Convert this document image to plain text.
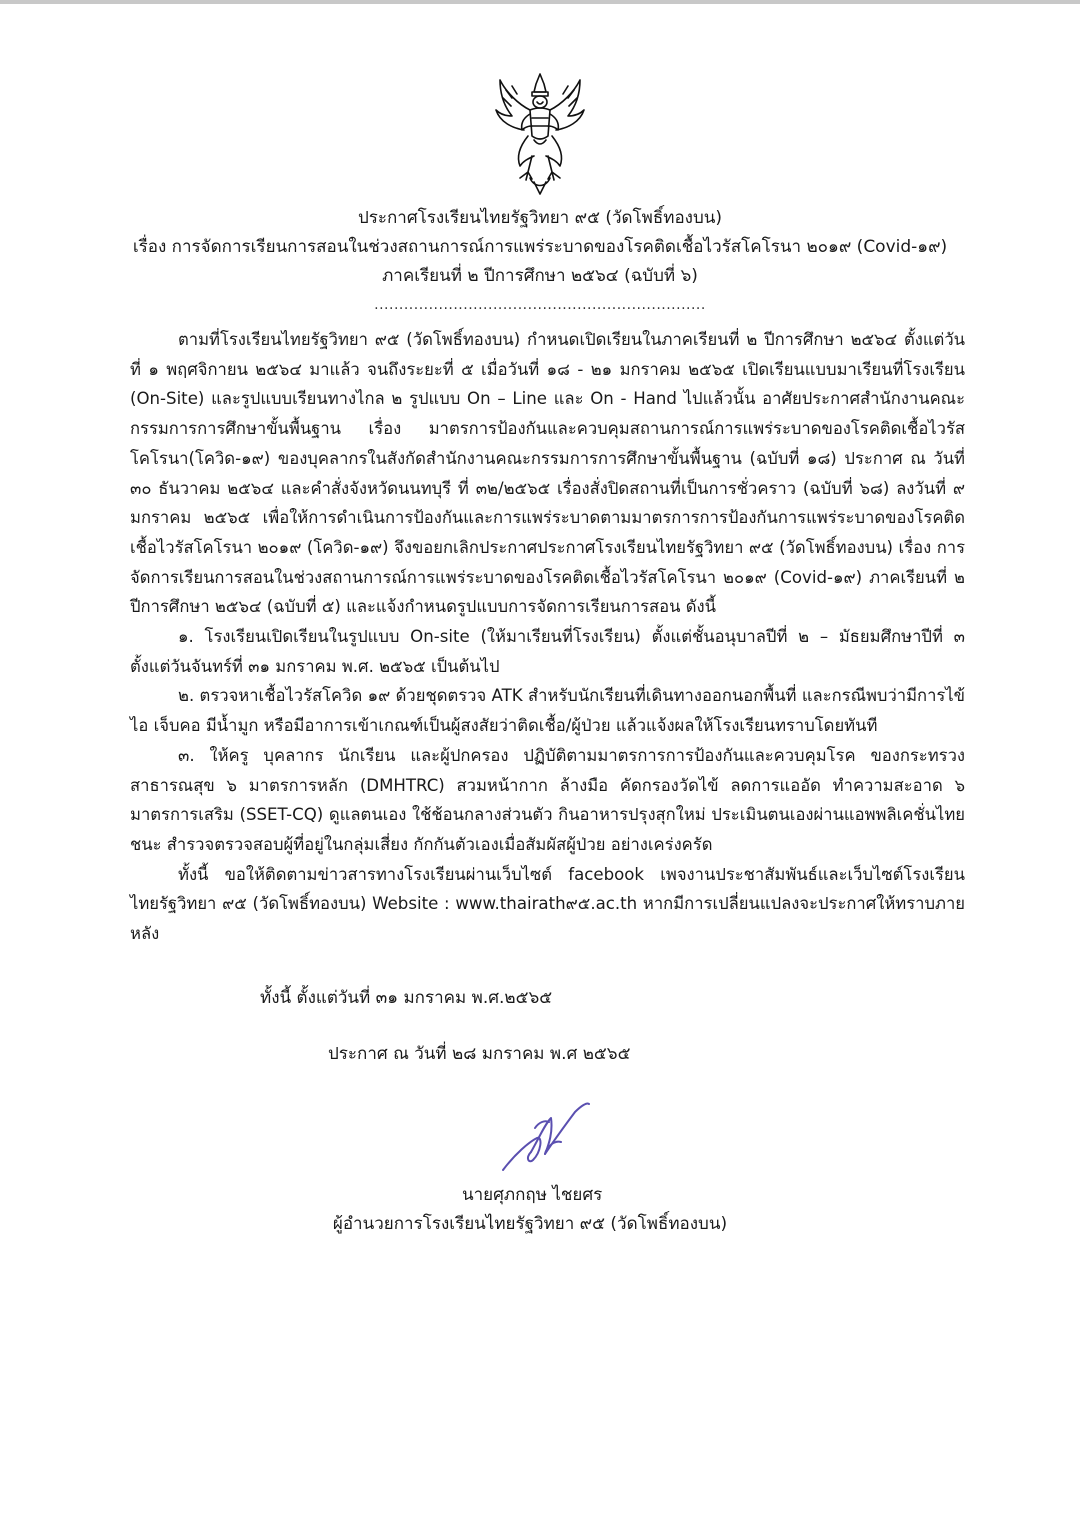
ประกาศโรงเรียนไทยรัฐวิทยา ๙๕ (วัดโพธิ์ทองบน)
เรื่อง การจัดการเรียนการสอนในช่วงสถานการณ์การแพร่ระบาดของโรคติดเชื้อไวรัสโคโรนา ๒๐๑๙ (Covid-๑๙)
ภาคเรียนที่ ๒ ปีการศึกษา ๒๕๖๔ (ฉบับที่ ๖)
...................................................................

ตามที่โรงเรียนไทยรัฐวิทยา ๙๕ (วัดโพธิ์ทองบน) กำหนดเปิดเรียนในภาคเรียนที่ ๒ ปีการศึกษา ๒๕๖๔ ตั้งแต่วันที่ ๑ พฤศจิกายน ๒๕๖๔ มาแล้ว จนถึงระยะที่ ๕ เมื่อวันที่ ๑๘ - ๒๑ มกราคม ๒๕๖๕ เปิดเรียนแบบมาเรียนที่โรงเรียน (On-Site) และรูปแบบเรียนทางไกล ๒ รูปแบบ On – Line และ On - Hand ไปแล้วนั้น อาศัยประกาศสำนักงานคณะกรรมการการศึกษาขั้นพื้นฐาน เรื่อง มาตรการป้องกันและควบคุมสถานการณ์การแพร่ระบาดของโรคติดเชื้อไวรัสโคโรนา(โควิด-๑๙) ของบุคลากรในสังกัดสำนักงานคณะกรรมการการศึกษาขั้นพื้นฐาน (ฉบับที่ ๑๘) ประกาศ ณ วันที่ ๓๐ ธันวาคม ๒๕๖๔ และคำสั่งจังหวัดนนทบุรี ที่ ๓๒/๒๕๖๕ เรื่องสั่งปิดสถานที่เป็นการชั่วคราว (ฉบับที่ ๖๘) ลงวันที่ ๙ มกราคม ๒๕๖๕ เพื่อให้การดำเนินการป้องกันและการแพร่ระบาดตามมาตรการการป้องกันการแพร่ระบาดของโรคติดเชื้อไวรัสโคโรนา ๒๐๑๙ (โควิด-๑๙) จึงขอยกเลิกประกาศประกาศโรงเรียนไทยรัฐวิทยา ๙๕ (วัดโพธิ์ทองบน) เรื่อง การจัดการเรียนการสอนในช่วงสถานการณ์การแพร่ระบาดของโรคติดเชื้อไวรัสโคโรนา ๒๐๑๙ (Covid-๑๙) ภาคเรียนที่ ๒ ปีการศึกษา ๒๕๖๔ (ฉบับที่ ๕) และแจ้งกำหนดรูปแบบการจัดการเรียนการสอน ดังนี้

๑. โรงเรียนเปิดเรียนในรูปแบบ On-site (ให้มาเรียนที่โรงเรียน) ตั้งแต่ชั้นอนุบาลปีที่ ๒ – มัธยมศึกษาปีที่ ๓ ตั้งแต่วันจันทร์ที่ ๓๑ มกราคม พ.ศ. ๒๕๖๕ เป็นต้นไป

๒. ตรวจหาเชื้อไวรัสโควิด ๑๙ ด้วยชุดตรวจ ATK สำหรับนักเรียนที่เดินทางออกนอกพื้นที่ และกรณีพบว่ามีการไข้ ไอ เจ็บคอ มีน้ำมูก หรือมีอาการเข้าเกณฑ์เป็นผู้สงสัยว่าติดเชื้อ/ผู้ป่วย แล้วแจ้งผลให้โรงเรียนทราบโดยทันที

๓. ให้ครู บุคลากร นักเรียน และผู้ปกครอง ปฏิบัติตามมาตรการการป้องกันและควบคุมโรค ของกระทรวงสาธารณสุข ๖ มาตรการหลัก (DMHTRC) สวมหน้ากาก ล้างมือ คัดกรองวัดไข้ ลดการแออัด ทำความสะอาด ๖ มาตรการเสริม (SSET-CQ) ดูแลตนเอง ใช้ช้อนกลางส่วนตัว กินอาหารปรุงสุกใหม่ ประเมินตนเองผ่านแอพพลิเคชั่นไทยชนะ สำรวจตรวจสอบผู้ที่อยู่ในกลุ่มเสี่ยง กักกันตัวเองเมื่อสัมผัสผู้ป่วย อย่างเคร่งครัด

ทั้งนี้ ขอให้ติดตามข่าวสารทางโรงเรียนผ่านเว็บไซต์ facebook เพจงานประชาสัมพันธ์และเว็บไซต์โรงเรียนไทยรัฐวิทยา ๙๕ (วัดโพธิ์ทองบน) Website : www.thairath๙๕.ac.th หากมีการเปลี่ยนแปลงจะประกาศให้ทราบภายหลัง

ทั้งนี้ ตั้งแต่วันที่ ๓๑ มกราคม พ.ศ.๒๕๖๕
ประกาศ ณ วันที่ ๒๘ มกราคม พ.ศ ๒๕๖๕
นายศุภกฤษ ไชยศร
ผู้อำนวยการโรงเรียนไทยรัฐวิทยา ๙๕ (วัดโพธิ์ทองบน)
